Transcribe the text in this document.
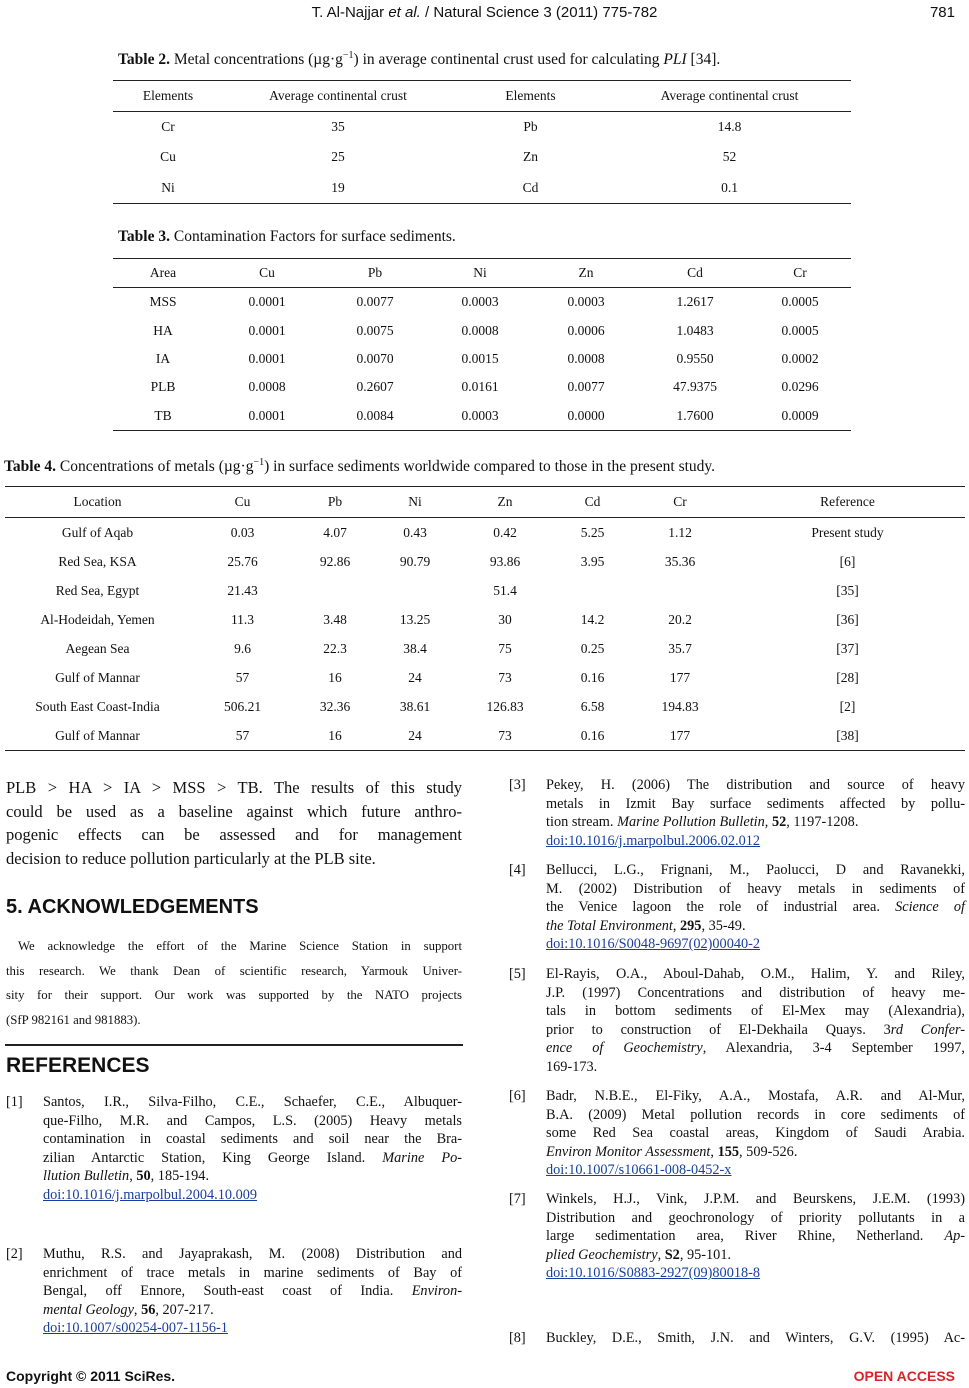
T. Al-Najjar et al. / Natural Science 3 (2011) 775-782	781
Table 2. Metal concentrations $(\mu g\cdot g^{-1})$ in average continental crust used for calculating PLI [34].
Elements	Average continental crust	Elements	Average continental crust
Cr	35	Pb	14.8
Cu	25	Zn	52
Ni	19	Cd	0.1
Table 3. Contamination Factors for surface sediments.
Area	Cu	Pb	Ni	Zn	Cd	Cr
MSS	0.0001	0.0077	0.0003	0.0003	1.2617	0.0005
HA	0.0001	0.0075	0.0008	0.0006	1.0483	0.0005
IA	0.0001	0.0070	0.0015	0.0008	0.9550	0.0002
PLB	0.0008	0.2607	0.0161	0.0077	47.9375	0.0296
TB	0.0001	0.0084	0.0003	0.0000	1.7600	0.0009
Table 4. Concentrations of metals $(\mu g\cdot g^{-1})$ in surface sediments worldwide compared to those in the present study.
Location	Cu	Pb	Ni	Zn	Cd	Cr	Reference
Gulf of Aqab	0.03	4.07	0.43	0.42	5.25	1.12	Present study
Red Sea, KSA	25.76	92.86	90.79	93.86	3.95	35.36	[6]
Red Sea, Egypt	21.43			51.4			[35]
Al-Hodeidah, Yemen	11.3	3.48	13.25	30	14.2	20.2	[36]
Aegean Sea	9.6	22.3	38.4	75	0.25	35.7	[37]
Gulf of Mannar	57	16	24	73	0.16	177	[28]
South East Coast-India	506.21	32.36	38.61	126.83	6.58	194.83	[2]
Gulf of Mannar	57	16	24	73	0.16	177	[38]
PLB > HA > IA > MSS > TB. The results of this study
could be used as a baseline against which future anthro-
pogenic effects can be assessed and for management
decision to reduce pollution particularly at the PLB site.
5. ACKNOWLEDGEMENTS
We acknowledge the effort of the Marine Science Station in support
this research. We thank Dean of scientific research, Yarmouk Univer-
sity for their support. Our work was supported by the NATO projects
(SfP 982161 and 981883).
REFERENCES
[1] Santos, I.R., Silva-Filho, C.E., Schaefer, C.E., Albuquer-
que-Filho, M.R. and Campos, L.S. (2005) Heavy metals
contamination in coastal sediments and soil near the Bra-
zilian Antarctic Station, King George Island. Marine Po-
llution Bulletin, 50, 185-194.
doi:10.1016/j.marpolbul.2004.10.009
[2] Muthu, R.S. and Jayaprakash, M. (2008) Distribution and
enrichment of trace metals in marine sediments of Bay of
Bengal, off Ennore, South-east coast of India. Environ-
mental Geology, 56, 207-217.
doi:10.1007/s00254-007-1156-1
[3] Pekey, H. (2006) The distribution and source of heavy
metals in Izmit Bay surface sediments affected by pollu-
tion stream. Marine Pollution Bulletin, 52, 1197-1208.
doi:10.1016/j.marpolbul.2006.02.012
[4] Bellucci, L.G., Frignani, M., Paolucci, D and Ravanekki,
M. (2002) Distribution of heavy metals in sediments of
the Venice lagoon the role of industrial area. Science of
the Total Environment, 295, 35-49.
doi:10.1016/S0048-9697(02)00040-2
[5] El-Rayis, O.A., Aboul-Dahab, O.M., Halim, Y. and Riley,
J.P. (1997) Concentrations and distribution of heavy me-
tals in bottom sediments of El-Mex may (Alexandria),
prior to construction of El-Dekhaila Quays. 3rd Confer-
ence of Geochemistry, Alexandria, 3-4 September 1997,
169-173.
[6] Badr, N.B.E., El-Fiky, A.A., Mostafa, A.R. and Al-Mur,
B.A. (2009) Metal pollution records in core sediments of
some Red Sea coastal areas, Kingdom of Saudi Arabia.
Environ Monitor Assessment, 155, 509-526.
doi:10.1007/s10661-008-0452-x
[7] Winkels, H.J., Vink, J.P.M. and Beurskens, J.E.M. (1993)
Distribution and geochronology of priority pollutants in a
large sedimentation area, River Rhine, Netherland. Ap-
plied Geochemistry, S2, 95-101.
doi:10.1016/S0883-2927(09)80018-8
[8] Buckley, D.E., Smith, J.N. and Winters, G.V. (1995) Ac-
Copyright © 2011 SciRes.	OPEN ACCESS
